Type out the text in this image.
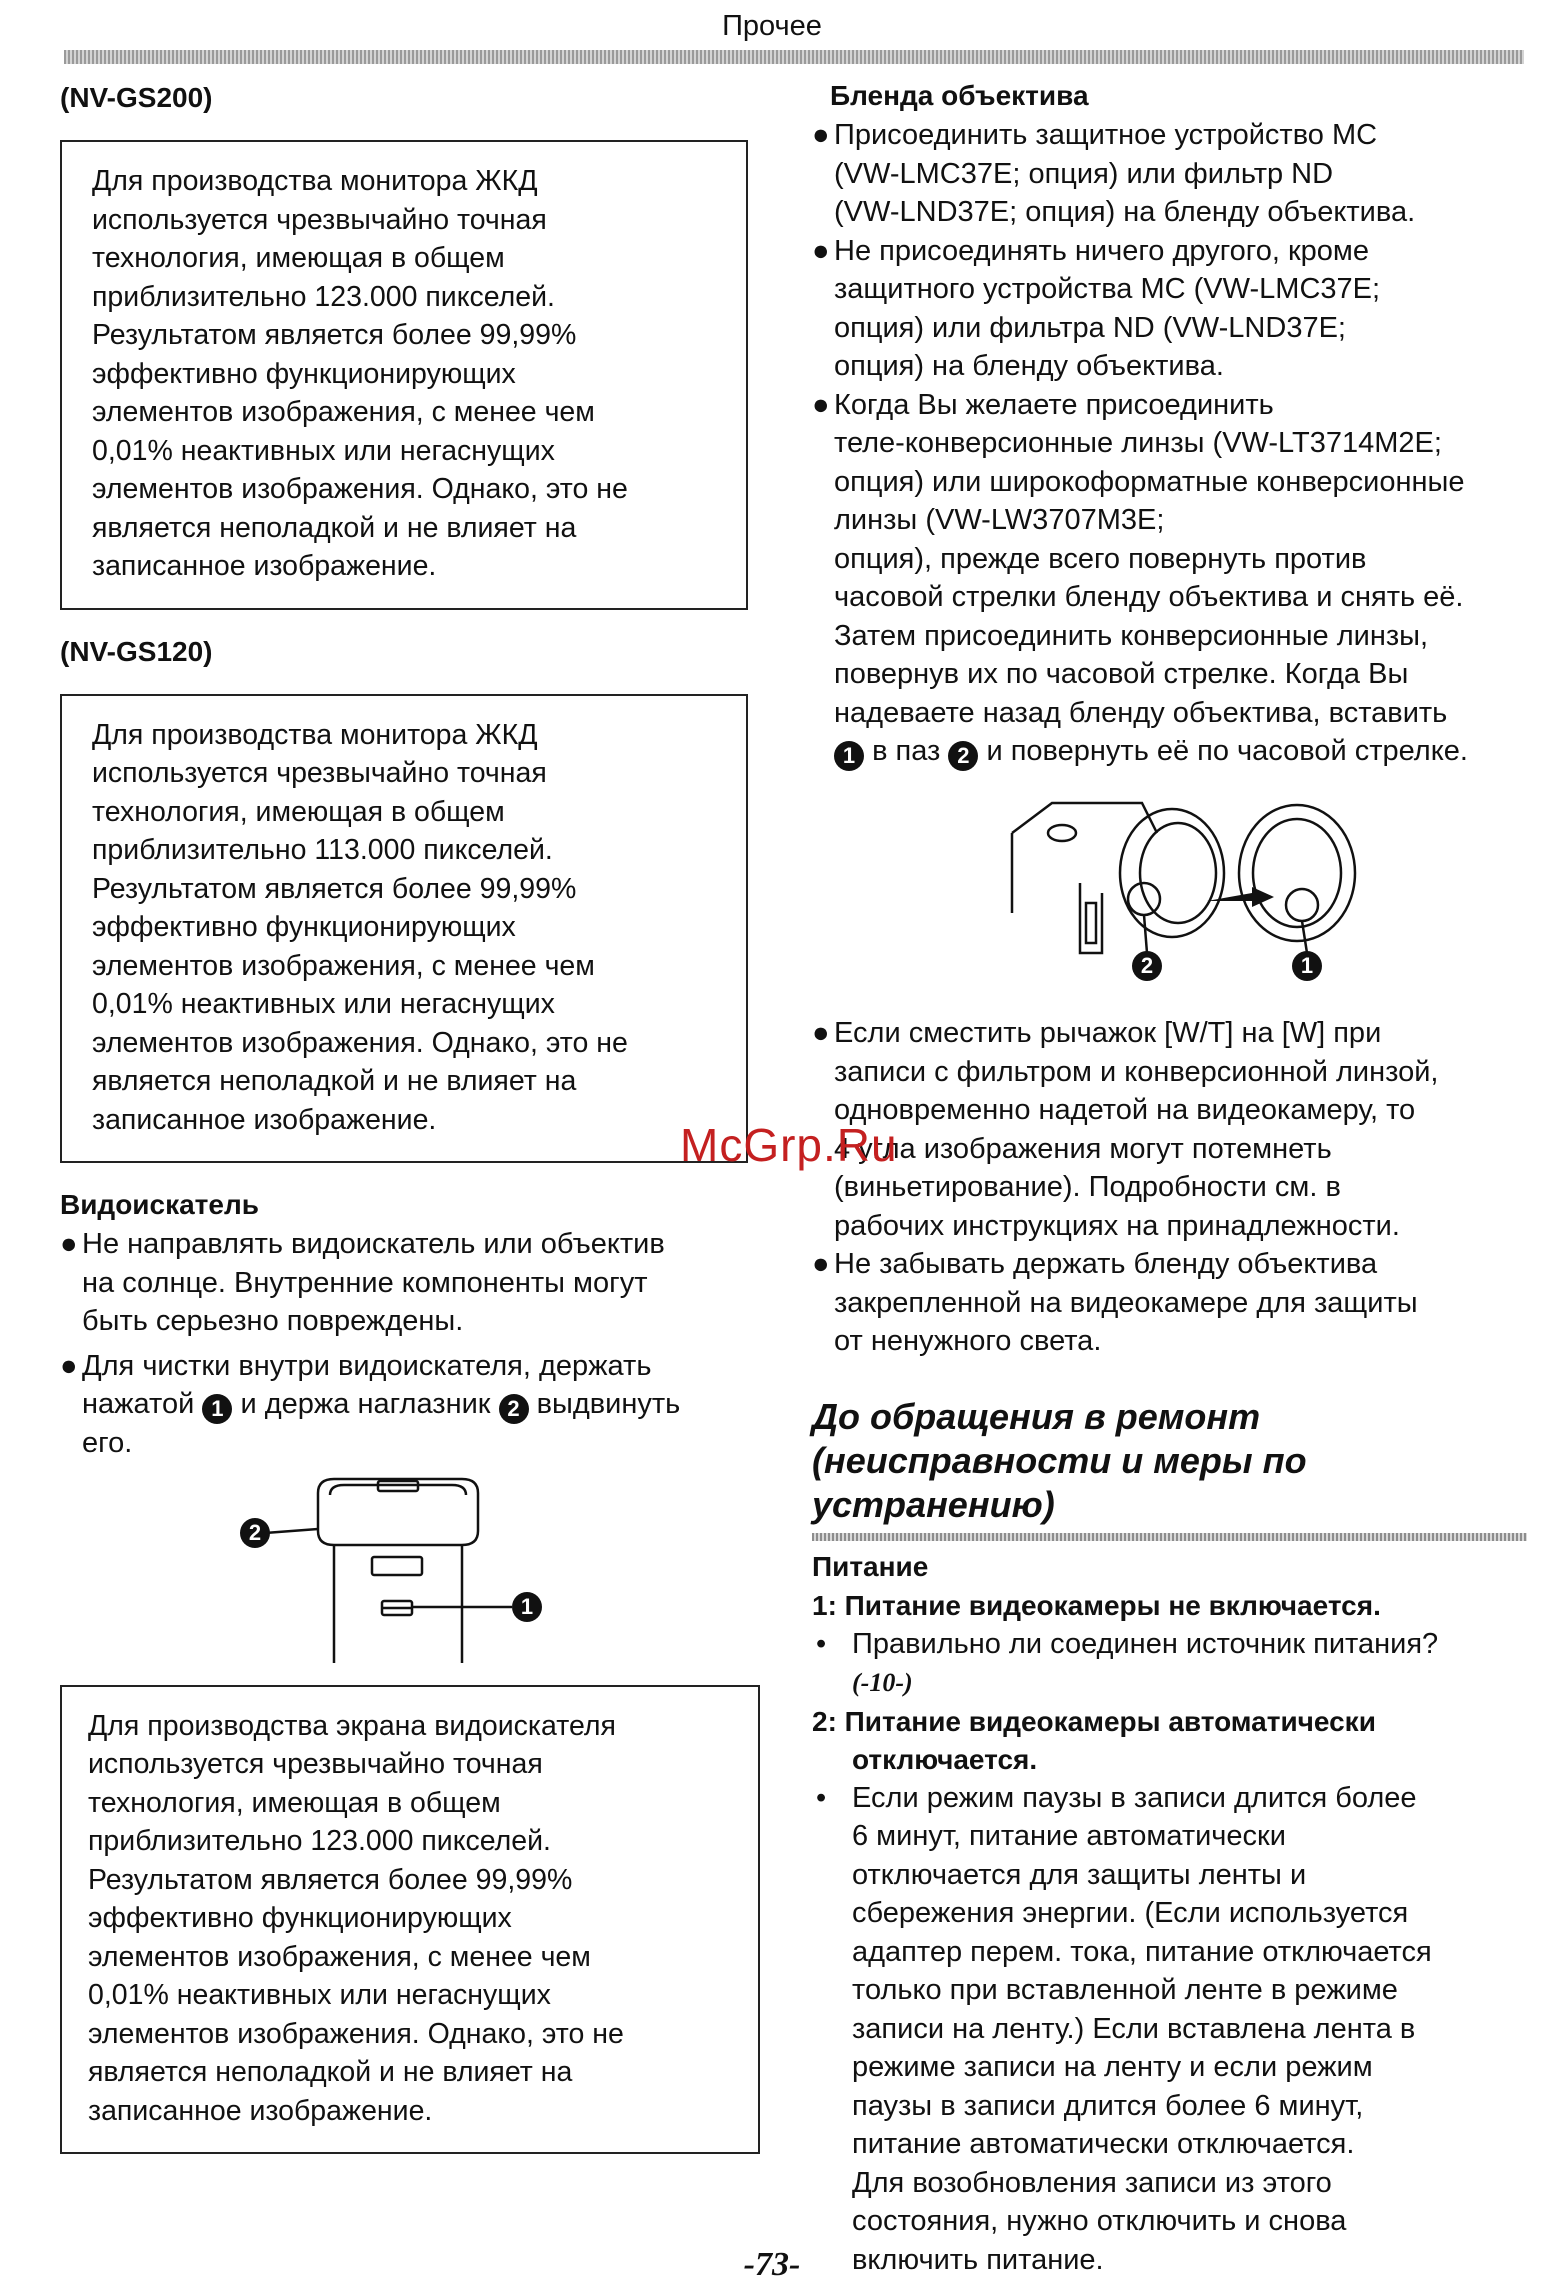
Прочее
(NV-GS200)

Для производства монитора ЖКД

используется чрезвычайно точная

технология, имеющая в общем

приблизительно 123.000 пикселей.

Результатом является более 99,99%

эффективно функционирующих

элементов изображения, с менее чем

0,01% неактивных или негаснущих

элементов изображения. Однако, это не

является неполадкой и не влияет на

записанное изображение.

(NV-GS120)

Для производства монитора ЖКД

используется чрезвычайно точная

технология, имеющая в общем

приблизительно 113.000 пикселей.

Результатом является более 99,99%

эффективно функционирующих

элементов изображения, с менее чем

0,01% неактивных или негаснущих

элементов изображения. Однако, это не

является неполадкой и не влияет на

записанное изображение.

Видоискатель
● Не направлять видоискатель или объектив
на солнце. Внутренние компоненты могут
быть серьезно повреждены.
● Для чистки внутри видоискателя, держать
нажатой 1 и держа наглазник 2 выдвинуть
его.
2
1

Для производства экрана видоискателя

используется чрезвычайно точная

технология, имеющая в общем

приблизительно 123.000 пикселей.

Результатом является более 99,99%

эффективно функционирующих

элементов изображения, с менее чем

0,01% неактивных или негаснущих

элементов изображения. Однако, это не

является неполадкой и не влияет на

записанное изображение.

Бленда объектива
● Присоединить защитное устройство MC
(VW-LMC37E; опция) или фильтр ND
(VW-LND37E; опция) на бленду объектива.
● Не присоединять ничего другого, кроме
защитного устройства MC (VW-LMC37E;
опция) или фильтра ND (VW-LND37E;
опция) на бленду объектива.
● Когда Вы желаете присоединить
теле-конверсионные линзы (VW-LT3714M2E;
опция) или широкоформатные конверсионные
линзы (VW-LW3707M3E;
опция), прежде всего повернуть против
часовой стрелки бленду объектива и снять её.
Затем присоединить конверсионные линзы,
повернув их по часовой стрелке. Когда Вы
надеваете назад бленду объектива, вставить
1 в паз 2 и повернуть её по часовой стрелке.
2	1
● Если сместить рычажок [W/T] на [W] при
записи с фильтром и конверсионной линзой,
одновременно надетой на видеокамеру, то
4 угла изображения могут потемнеть
(виньетирование). Подробности см. в
рабочих инструкциях на принадлежности.
● Не забывать держать бленду объектива
закрепленной на видеокамере для защиты
от ненужного света.
До обращения в ремонт
(неисправности и меры по
устранению)
Питание

1: Питание видеокамеры не включается.

• Правильно ли соединен источник питания?
(-10-)

2: Питание видеокамеры автоматически
отключается.

• Если режим паузы в записи длится более
6 минут, питание автоматически
отключается для защиты ленты и
сбережения энергии. (Если используется
адаптер перем. тока, питание отключается
только при вставленной ленте в режиме
записи на ленту.) Если вставлена лента в
режиме записи на ленту и если режим
паузы в записи длится более 6 минут,
питание автоматически отключается.
Для возобновления записи из этого
состояния, нужно отключить и снова
включить питание.

McGrp.Ru
-73-
